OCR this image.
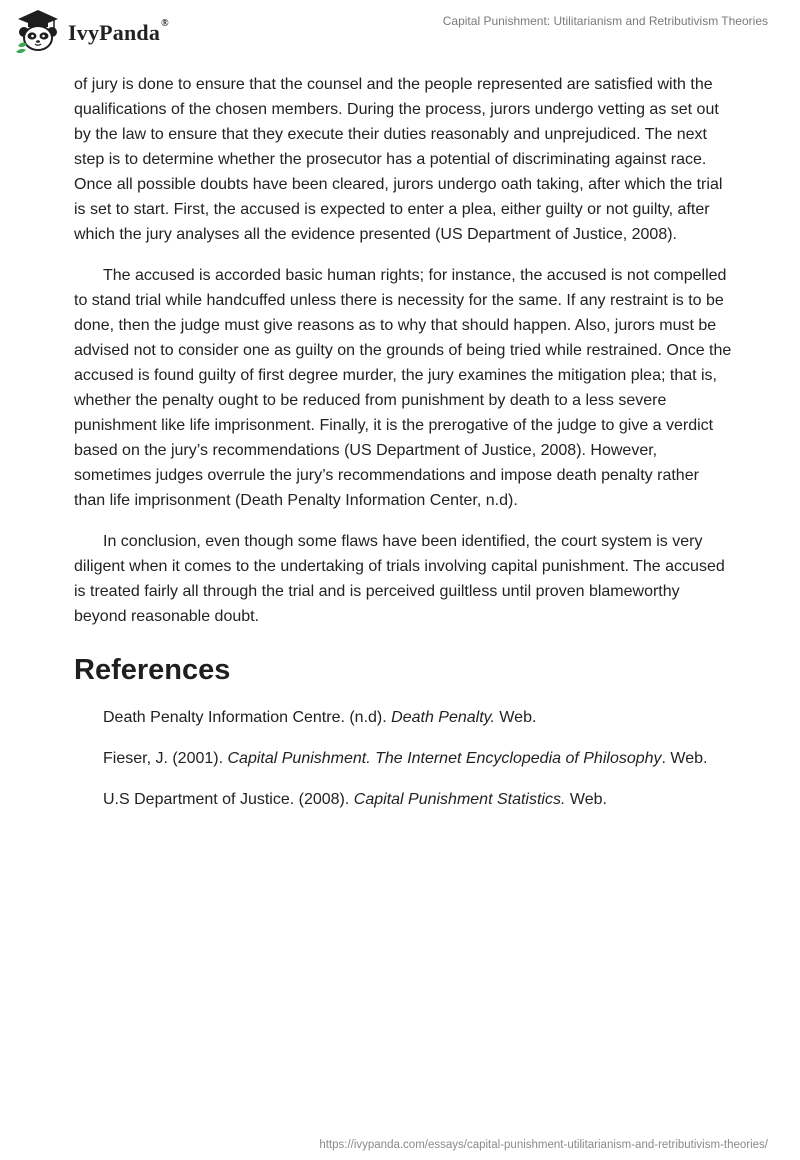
IvyPanda®	Capital Punishment: Utilitarianism and Retributivism Theories

of jury is done to ensure that the counsel and the people represented are satisfied with the qualifications of the chosen members. During the process, jurors undergo vetting as set out by the law to ensure that they execute their duties reasonably and unprejudiced. The next step is to determine whether the prosecutor has a potential of discriminating against race. Once all possible doubts have been cleared, jurors undergo oath taking, after which the trial is set to start. First, the accused is expected to enter a plea, either guilty or not guilty, after which the jury analyses all the evidence presented (US Department of Justice, 2008).

The accused is accorded basic human rights; for instance, the accused is not compelled to stand trial while handcuffed unless there is necessity for the same. If any restraint is to be done, then the judge must give reasons as to why that should happen. Also, jurors must be advised not to consider one as guilty on the grounds of being tried while restrained. Once the accused is found guilty of first degree murder, the jury examines the mitigation plea; that is, whether the penalty ought to be reduced from punishment by death to a less severe punishment like life imprisonment. Finally, it is the prerogative of the judge to give a verdict based on the jury’s recommendations (US Department of Justice, 2008). However, sometimes judges overrule the jury’s recommendations and impose death penalty rather than life imprisonment (Death Penalty Information Center, n.d).

In conclusion, even though some flaws have been identified, the court system is very diligent when it comes to the undertaking of trials involving capital punishment. The accused is treated fairly all through the trial and is perceived guiltless until proven blameworthy beyond reasonable doubt.

References
Death Penalty Information Centre. (n.d). Death Penalty. Web.
Fieser, J. (2001). Capital Punishment. The Internet Encyclopedia of Philosophy. Web.
U.S Department of Justice. (2008). Capital Punishment Statistics. Web.
https://ivypanda.com/essays/capital-punishment-utilitarianism-and-retributivism-theories/
